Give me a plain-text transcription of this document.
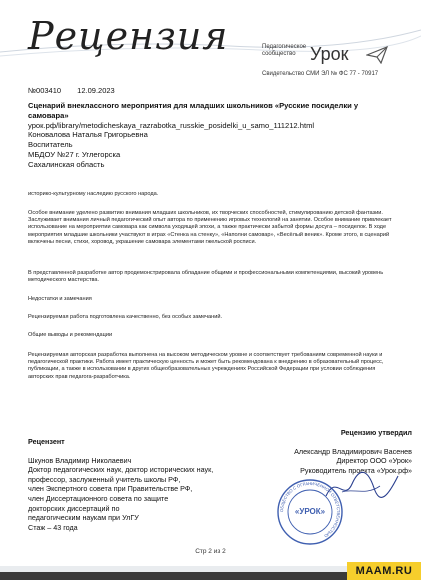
Рецензия	Педагогическое
сообщество Урок
Свидетельство СМИ ЭЛ № ФС 77 - 70917
№003410 12.09.2023
Сценарий внеклассного мероприятия для младших школьников «Русские посиделки у самовара»
урок.рф/library/metodicheskaya_razrabotka_russkie_posidelki_u_samo_111212.html
Коновалова Наталья Григорьевна
Воспитатель
МБДОУ №27 г. Углегорска
Сахалинская область

историко-культурному наследию русского народа.

Особое внимание уделено развитию внимания младших школьников, их творческих способностей, стимулированию детской фантазии. Заслуживает внимания личный педагогический опыт автора по применению игровых технологий на занятии. Особое внимание привлекает использование на мероприятии самовара как символа уходящей эпохи, а также практически забытой формы досуга – посиделок. В ходе мероприятия младшие школьники участвуют в играх «Стенка на стенку», «Наполни самовар», «Весёлый веник». Кроме этого, в сценарий включены песни, стихи, хоровод, украшение самовара элементами гжельской росписи.

В представленной разработке автор продемонстрировала обладание общими и профессиональными компетенциями, высокий уровень методического мастерства.

Недостатки и замечания

Рецензируемая работа подготовлена качественно, без особых замечаний.

Общие выводы и рекомендации

Рецензируемая авторская разработка выполнена на высоком методическом уровне и соответствует требованиям современной науки и педагогической практики. Работа имеет практическую ценность и может быть рекомендована к внедрению в образовательный процесс, публикации, а также в использовании в других общеобразовательных учреждениях Российской Федерации при условии соблюдения авторских прав педагога-разработчика.

Рецензент
Шкунов Владимир Николаевич
Доктор педагогических наук, доктор исторических наук,
профессор, заслуженный учитель школы РФ,
член Экспертного совета при Правительстве РФ,
член Диссертационного совета по защите
докторских диссертаций по
педагогическим наукам при УлГУ
Стаж – 43 года
Рецензию утвердил
Александр Владимирович Васенев
Директор ООО «Урок»
Руководитель проекта «Урок.рф»
ОБЩЕСТВО С ОГРАНИЧЕННОЙ ОТВЕТСТВЕННОСТЬЮ
«УРОК»
Стр 2 из 2
MAAM.RU
